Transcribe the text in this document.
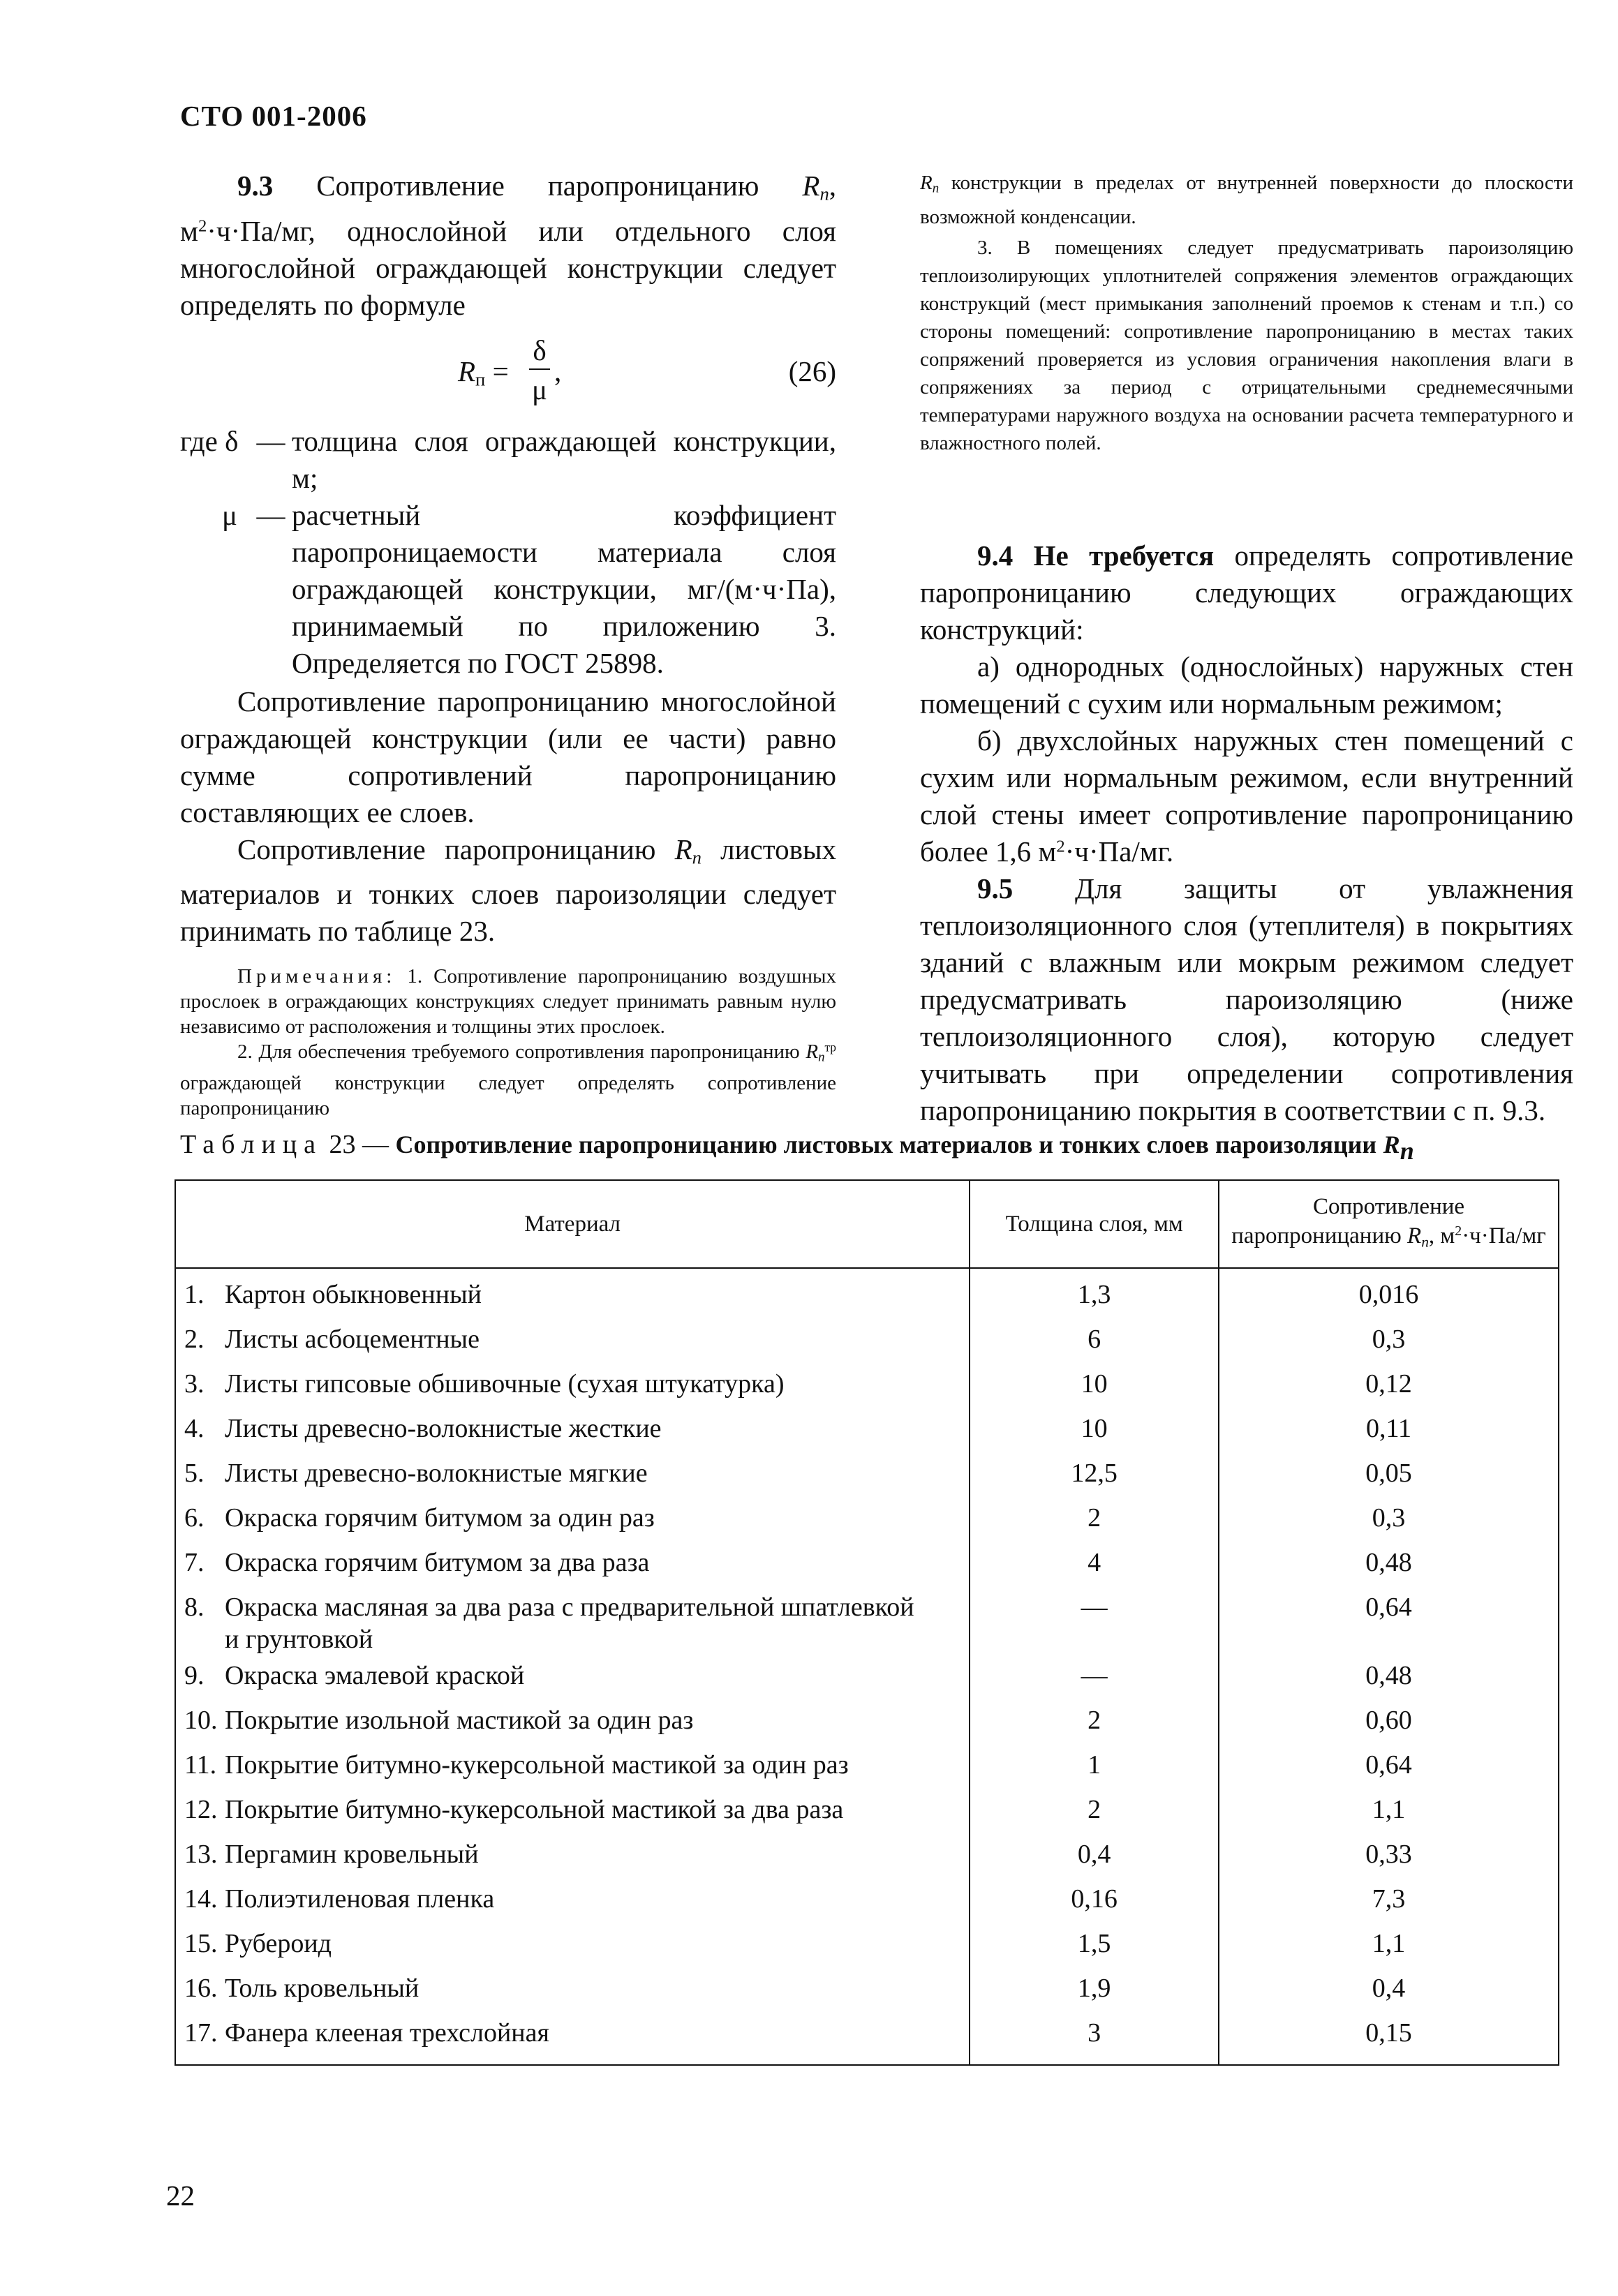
СТО 001-2006

9.3 Сопротивление паропроницанию $R_п$, $м^2\cdot ч\cdot Па/мг$, однослойной или отдельного слоя многослойной ограждающей конструкции следует определять по формуле

$R_п = \frac{\delta}{\mu}$ ,	(26)
где δ — толщина слоя ограждающей конструкции, м;
μ — расчетный коэффициент паропроницаемости материала слоя ограждающей конструкции, мг/(м·ч·Па), принимаемый по приложению 3. Определяется по ГОСТ 25898.

Сопротивление паропроницанию многослойной ограждающей конструкции (или ее части) равно сумме сопротивлений паропроницанию составляющих ее слоев.

Сопротивление паропроницанию $R_п$ листовых материалов и тонких слоев пароизоляции следует принимать по таблице 23.

Примечания: 1. Сопротивление паропроницанию воздушных прослоек в ограждающих конструкциях следует принимать равным нулю независимо от расположения и толщины этих прослоек.

2. Для обеспечения требуемого сопротивления паропроницанию $R_п^{тр}$ ограждающей конструкции следует определять сопротивление паропроницанию

$R_п$ конструкции в пределах от внутренней поверхности до плоскости возможной конденсации.

3. В помещениях следует предусматривать пароизоляцию теплоизолирующих уплотнителей сопряжения элементов ограждающих конструкций (мест примыкания заполнений проемов к стенам и т.п.) со стороны помещений: сопротивление паропроницанию в местах таких сопряжений проверяется из условия ограничения накопления влаги в сопряжениях за период с отрицательными среднемесячными температурами наружного воздуха на основании расчета температурного и влажностного полей.

9.4 Не требуется определять сопротивление паропроницанию следующих ограждающих конструкций:

а) однородных (однослойных) наружных стен помещений с сухим или нормальным режимом;

б) двухслойных наружных стен помещений с сухим или нормальным режимом, если внутренний слой стены имеет сопротивление паропроницанию более 1,6 $м^2\cdot ч\cdot Па/мг$.

9.5 Для защиты от увлажнения теплоизоляционного слоя (утеплителя) в покрытиях зданий с влажным или мокрым режимом следует предусматривать пароизоляцию (ниже теплоизоляционного слоя), которую следует учитывать при определении сопротивления паропроницанию покрытия в соответствии с п. 9.3.

Таблица 23 — Сопротивление паропроницанию листовых материалов и тонких слоев пароизоляции $R_п$
Материал	Толщина слоя, мм	Сопротивление паропроницанию $R_п$, $м^2\cdot ч\cdot Па/мг$
1. Картон обыкновенный	1,3	0,016
2. Листы асбоцементные	6	0,3
3. Листы гипсовые обшивочные (сухая штукатурка)	10	0,12
4. Листы древесно-волокнистые жесткие	10	0,11
5. Листы древесно-волокнистые мягкие	12,5	0,05
6. Окраска горячим битумом за один раз	2	0,3
7. Окраска горячим битумом за два раза	4	0,48
8. Окраска масляная за два раза с предварительной шпатлевкой и грунтовкой	—	0,64
9. Окраска эмалевой краской	—	0,48
10. Покрытие изольной мастикой за один раз	2	0,60
11. Покрытие битумно-кукерсольной мастикой за один раз	1	0,64
12. Покрытие битумно-кукерсольной мастикой за два раза	2	1,1
13. Пергамин кровельный	0,4	0,33
14. Полиэтиленовая пленка	0,16	7,3
15. Рубероид	1,5	1,1
16. Толь кровельный	1,9	0,4
17. Фанера клееная трехслойная	3	0,15
22
